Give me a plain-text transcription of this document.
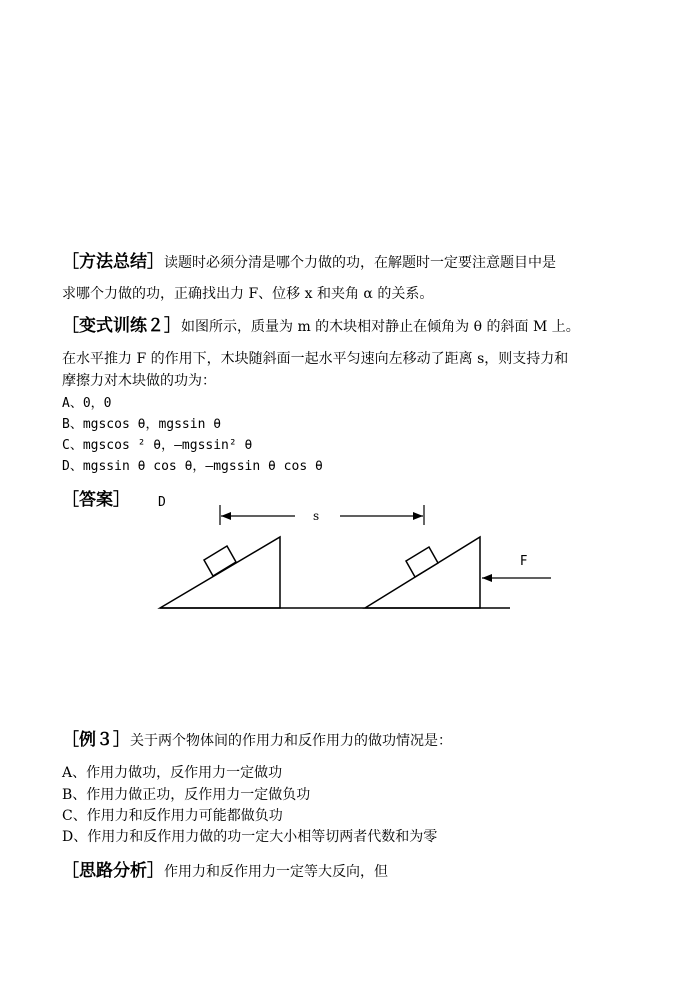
［方法总结］读题时必须分清是哪个力做的功，在解题时一定要注意题目中是
求哪个力做的功，正确找出力 F、位移 x 和夹角 α 的关系。
［变式训练２］如图所示，质量为 m 的木块相对静止在倾角为 θ 的斜面 M 上。
在水平推力 F 的作用下，木块随斜面一起水平匀速向左移动了距离 s，则支持力和
摩擦力对木块做的功为：
A、0，0
B、mgscos θ，mgssin θ
C、mgscos ² θ，—mgssin² θ
D、mgssin θ cos θ，—mgssin θ cos θ
［答案］ D
s
F
［例３］关于两个物体间的作用力和反作用力的做功情况是：
A、作用力做功，反作用力一定做功
B、作用力做正功，反作用力一定做负功
C、作用力和反作用力可能都做负功
D、作用力和反作用力做的功一定大小相等切两者代数和为零
［思路分析］作用力和反作用力一定等大反向，但
